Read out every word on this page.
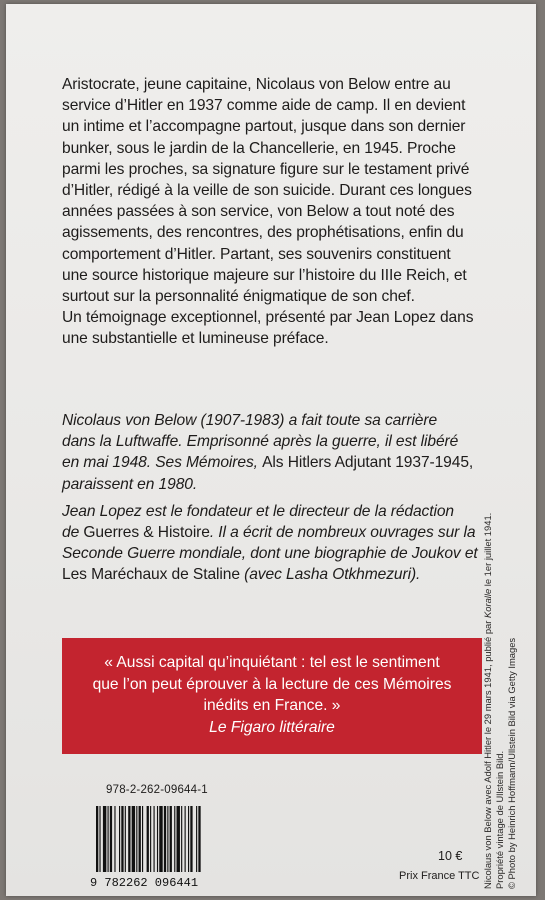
Aristocrate, jeune capitaine, Nicolaus von Below entre au

service d’Hitler en 1937 comme aide de camp. Il en devient

un intime et l’accompagne partout, jusque dans son dernier

bunker, sous le jardin de la Chancellerie, en 1945. Proche

parmi les proches, sa signature figure sur le testament privé

d’Hitler, rédigé à la veille de son suicide. Durant ces longues

années passées à son service, von Below a tout noté des

agissements, des rencontres, des prophétisations, enfin du

comportement d’Hitler. Partant, ses souvenirs constituent

une source historique majeure sur l’histoire du IIIe Reich, et

surtout sur la personnalité énigmatique de son chef.

Un témoignage exceptionnel, présenté par Jean Lopez dans

une substantielle et lumineuse préface.

Nicolaus von Below (1907-1983) a fait toute sa carrière

dans la Luftwaffe. Emprisonné après la guerre, il est libéré

en mai 1948. Ses Mémoires, Als Hitlers Adjutant 1937-1945,

paraissent en 1980.

Jean Lopez est le fondateur et le directeur de la rédaction

de Guerres & Histoire. Il a écrit de nombreux ouvrages sur la

Seconde Guerre mondiale, dont une biographie de Joukov et

Les Maréchaux de Staline (avec Lasha Otkhmezuri).

« Aussi capital qu’inquiétant : tel est le sentiment
que l’on peut éprouver à la lecture de ces Mémoires
inédits en France. »
Le Figaro littéraire
978-2-262-09644-1
9 782262 096441
10 €
Prix France TTC Nicolaus von Below avec Adolf Hitler le 29 mars 1941, publié par Koralle le 1er juillet 1941.
Propriété vintage de Ullstein Bild. © Photo by Heinrich Hoffmann/Ullstein Bild via Getty Images
